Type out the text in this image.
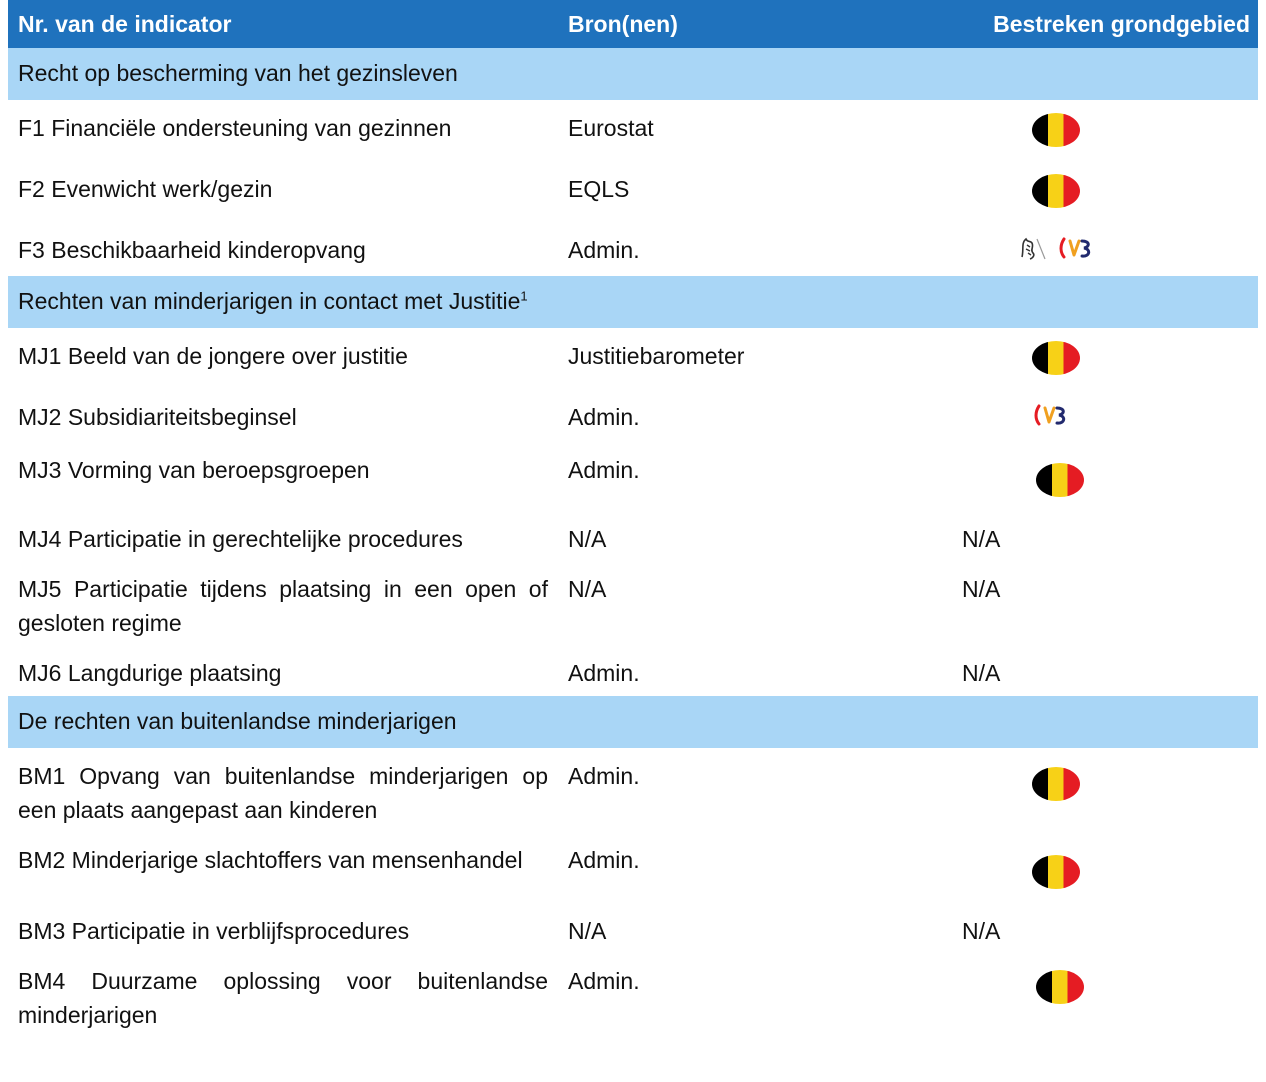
Nr. van de indicator	Bron(nen)	Bestreken grondgebied
Recht op bescherming van het gezinsleven		
F1 Financiële ondersteuning van gezinnen	Eurostat	
F2 Evenwicht werk/gezin	EQLS	
F3 Beschikbaarheid kinderopvang	Admin.	

Rechten van minderjarigen in contact met Justitie$^1$		
MJ1 Beeld van de jongere over justitie	Justitiebarometer	
MJ2 Subsidiariteitsbeginsel	Admin.	

MJ3 Vorming van beroepsgroepen	Admin.	
MJ4 Participatie in gerechtelijke procedures	N/A	N/A
MJ5 Participatie tijdens plaatsing in een open of gesloten regime	N/A	N/A
MJ6 Langdurige plaatsing	Admin.	N/A
De rechten van buitenlandse minderjarigen		
BM1 Opvang van buitenlandse minderjarigen op een plaats aangepast aan kinderen	Admin.	
BM2 Minderjarige slachtoffers van mensenhandel	Admin.	
BM3 Participatie in verblijfsprocedures	N/A	N/A
BM4 Duurzame oplossing voor buitenlandse minderjarigen	Admin.	
